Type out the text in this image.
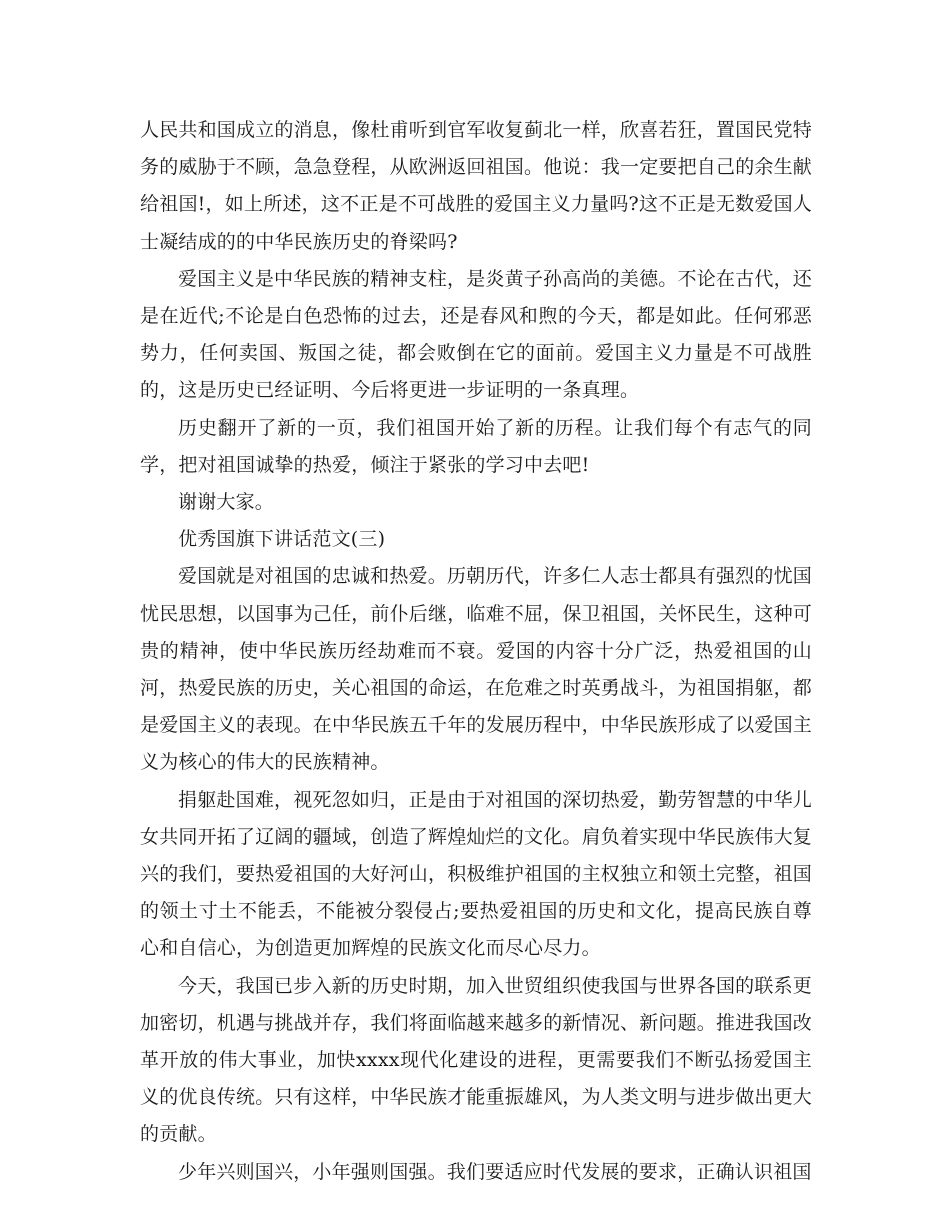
人民共和国成立的消息，像杜甫听到官军收复蓟北一样，欣喜若狂，置国民党特务的威胁于不顾，急急登程，从欧洲返回祖国。他说：我一定要把自己的余生献给祖国!，如上所述，这不正是不可战胜的爱国主义力量吗?这不正是无数爱国人士凝结成的的中华民族历史的脊梁吗?

爱国主义是中华民族的精神支柱，是炎黄子孙高尚的美德。不论在古代，还是在近代;不论是白色恐怖的过去，还是春风和煦的今天，都是如此。任何邪恶势力，任何卖国、叛国之徒，都会败倒在它的面前。爱国主义力量是不可战胜的，这是历史已经证明、今后将更进一步证明的一条真理。

历史翻开了新的一页，我们祖国开始了新的历程。让我们每个有志气的同学，把对祖国诚挚的热爱，倾注于紧张的学习中去吧!

谢谢大家。

优秀国旗下讲话范文(三)

爱国就是对祖国的忠诚和热爱。历朝历代，许多仁人志士都具有强烈的忧国忧民思想，以国事为己任，前仆后继，临难不屈，保卫祖国，关怀民生，这种可贵的精神，使中华民族历经劫难而不衰。爱国的内容十分广泛，热爱祖国的山河，热爱民族的历史，关心祖国的命运，在危难之时英勇战斗，为祖国捐躯，都是爱国主义的表现。在中华民族五千年的发展历程中，中华民族形成了以爱国主义为核心的伟大的民族精神。

捐躯赴国难，视死忽如归，正是由于对祖国的深切热爱，勤劳智慧的中华儿女共同开拓了辽阔的疆域，创造了辉煌灿烂的文化。肩负着实现中华民族伟大复兴的我们，要热爱祖国的大好河山，积极维护祖国的主权独立和领土完整，祖国的领土寸土不能丢，不能被分裂侵占;要热爱祖国的历史和文化，提高民族自尊心和自信心，为创造更加辉煌的民族文化而尽心尽力。

今天，我国已步入新的历史时期，加入世贸组织使我国与世界各国的联系更加密切，机遇与挑战并存，我们将面临越来越多的新情况、新问题。推进我国改革开放的伟大事业，加快xxxx现代化建设的进程，更需要我们不断弘扬爱国主义的优良传统。只有这样，中华民族才能重振雄风，为人类文明与进步做出更大的贡献。

少年兴则国兴，小年强则国强。我们要适应时代发展的要求，正确认识祖国
